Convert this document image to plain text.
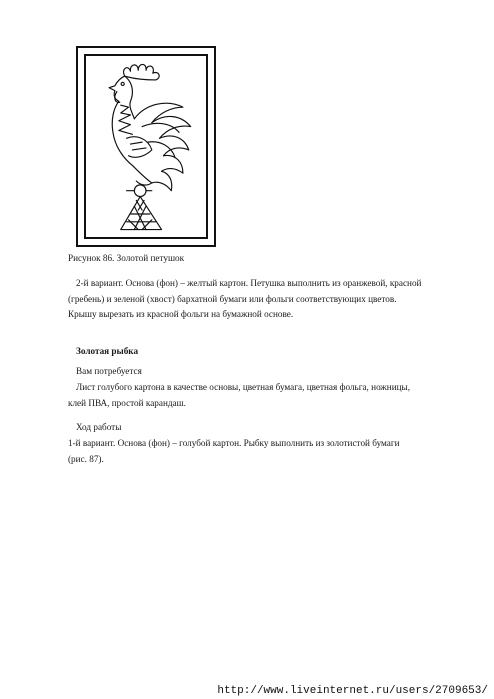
Рисунок 86. Золотой петушок
2-й вариант. Основа (фон) – желтый картон. Петушка выполнить из оранжевой, красной
(гребень) и зеленой (хвост) бархатной бумаги или фольги соответствующих цветов.
Крышу вырезать из красной фольги на бумажной основе.
Золотая рыбка
Вам потребуется
Лист голубого картона в качестве основы, цветная бумага, цветная фольга, ножницы,
клей ПВА, простой карандаш.
Ход работы
1-й вариант. Основа (фон) – голубой картон. Рыбку выполнить из золотистой бумаги
(рис. 87).
http://www.liveinternet.ru/users/2709653/
